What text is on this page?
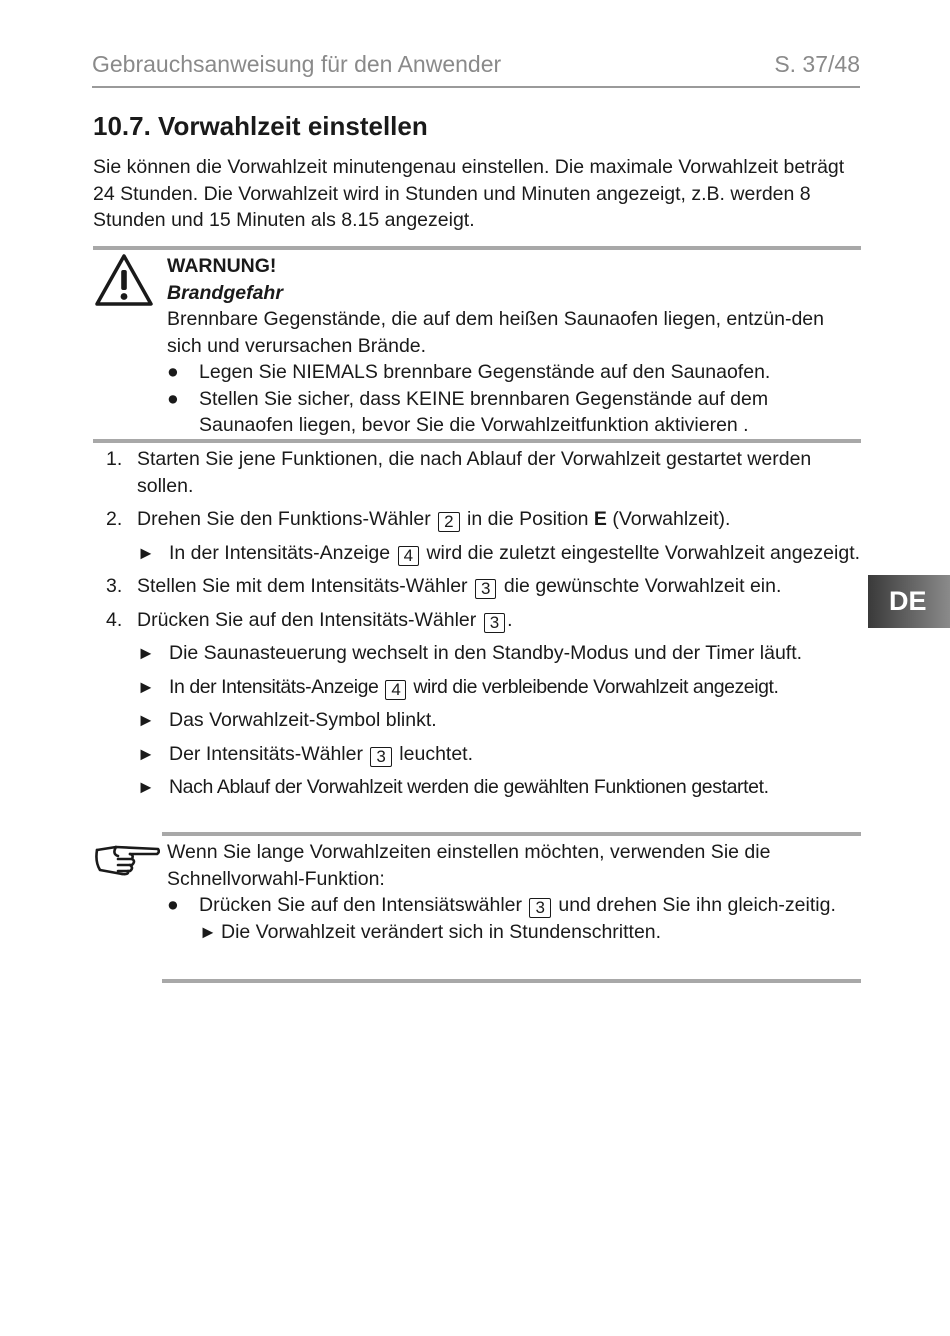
Gebrauchsanweisung für den Anwender	S. 37/48
10.7. Vorwahlzeit einstellen
Sie können die Vorwahlzeit minutengenau einstellen. Die maximale Vorwahlzeit beträgt 24 Stunden. Die Vorwahlzeit wird in Stunden und Minuten angezeigt, z.B. werden 8 Stunden und 15 Minuten als 8.15 angezeigt.
WARNUNG!
Brandgefahr
Brennbare Gegenstände, die auf dem heißen Saunaofen liegen, entzün-den sich und verursachen Brände.
● Legen Sie NIEMALS brennbare Gegenstände auf den Saunaofen.
● Stellen Sie sicher, dass KEINE brennbaren Gegenstände auf dem Saunaofen liegen, bevor Sie die Vorwahlzeitfunktion aktivieren .
1. Starten Sie jene Funktionen, die nach Ablauf der Vorwahlzeit gestartet werden sollen.
2. Drehen Sie den Funktions-Wähler 2 in die Position E (Vorwahlzeit).
► In der Intensitäts-Anzeige 4 wird die zuletzt eingestellte Vorwahlzeit angezeigt.
3. Stellen Sie mit dem Intensitäts-Wähler 3 die gewünschte Vorwahlzeit ein.
4. Drücken Sie auf den Intensitäts-Wähler 3 .
► Die Saunasteuerung wechselt in den Standby-Modus und der Timer läuft.
► In der Intensitäts-Anzeige 4 wird die verbleibende Vorwahlzeit angezeigt.
► Das Vorwahlzeit-Symbol blinkt.
► Der Intensitäts-Wähler 3 leuchtet.
► Nach Ablauf der Vorwahlzeit werden die gewählten Funktionen gestartet.
DE
Wenn Sie lange Vorwahlzeiten einstellen möchten, verwenden Sie die Schnellvorwahl-Funktion:
● Drücken Sie auf den Intensiätswähler 3 und drehen Sie ihn gleich-zeitig.
► Die Vorwahlzeit verändert sich in Stundenschritten.
